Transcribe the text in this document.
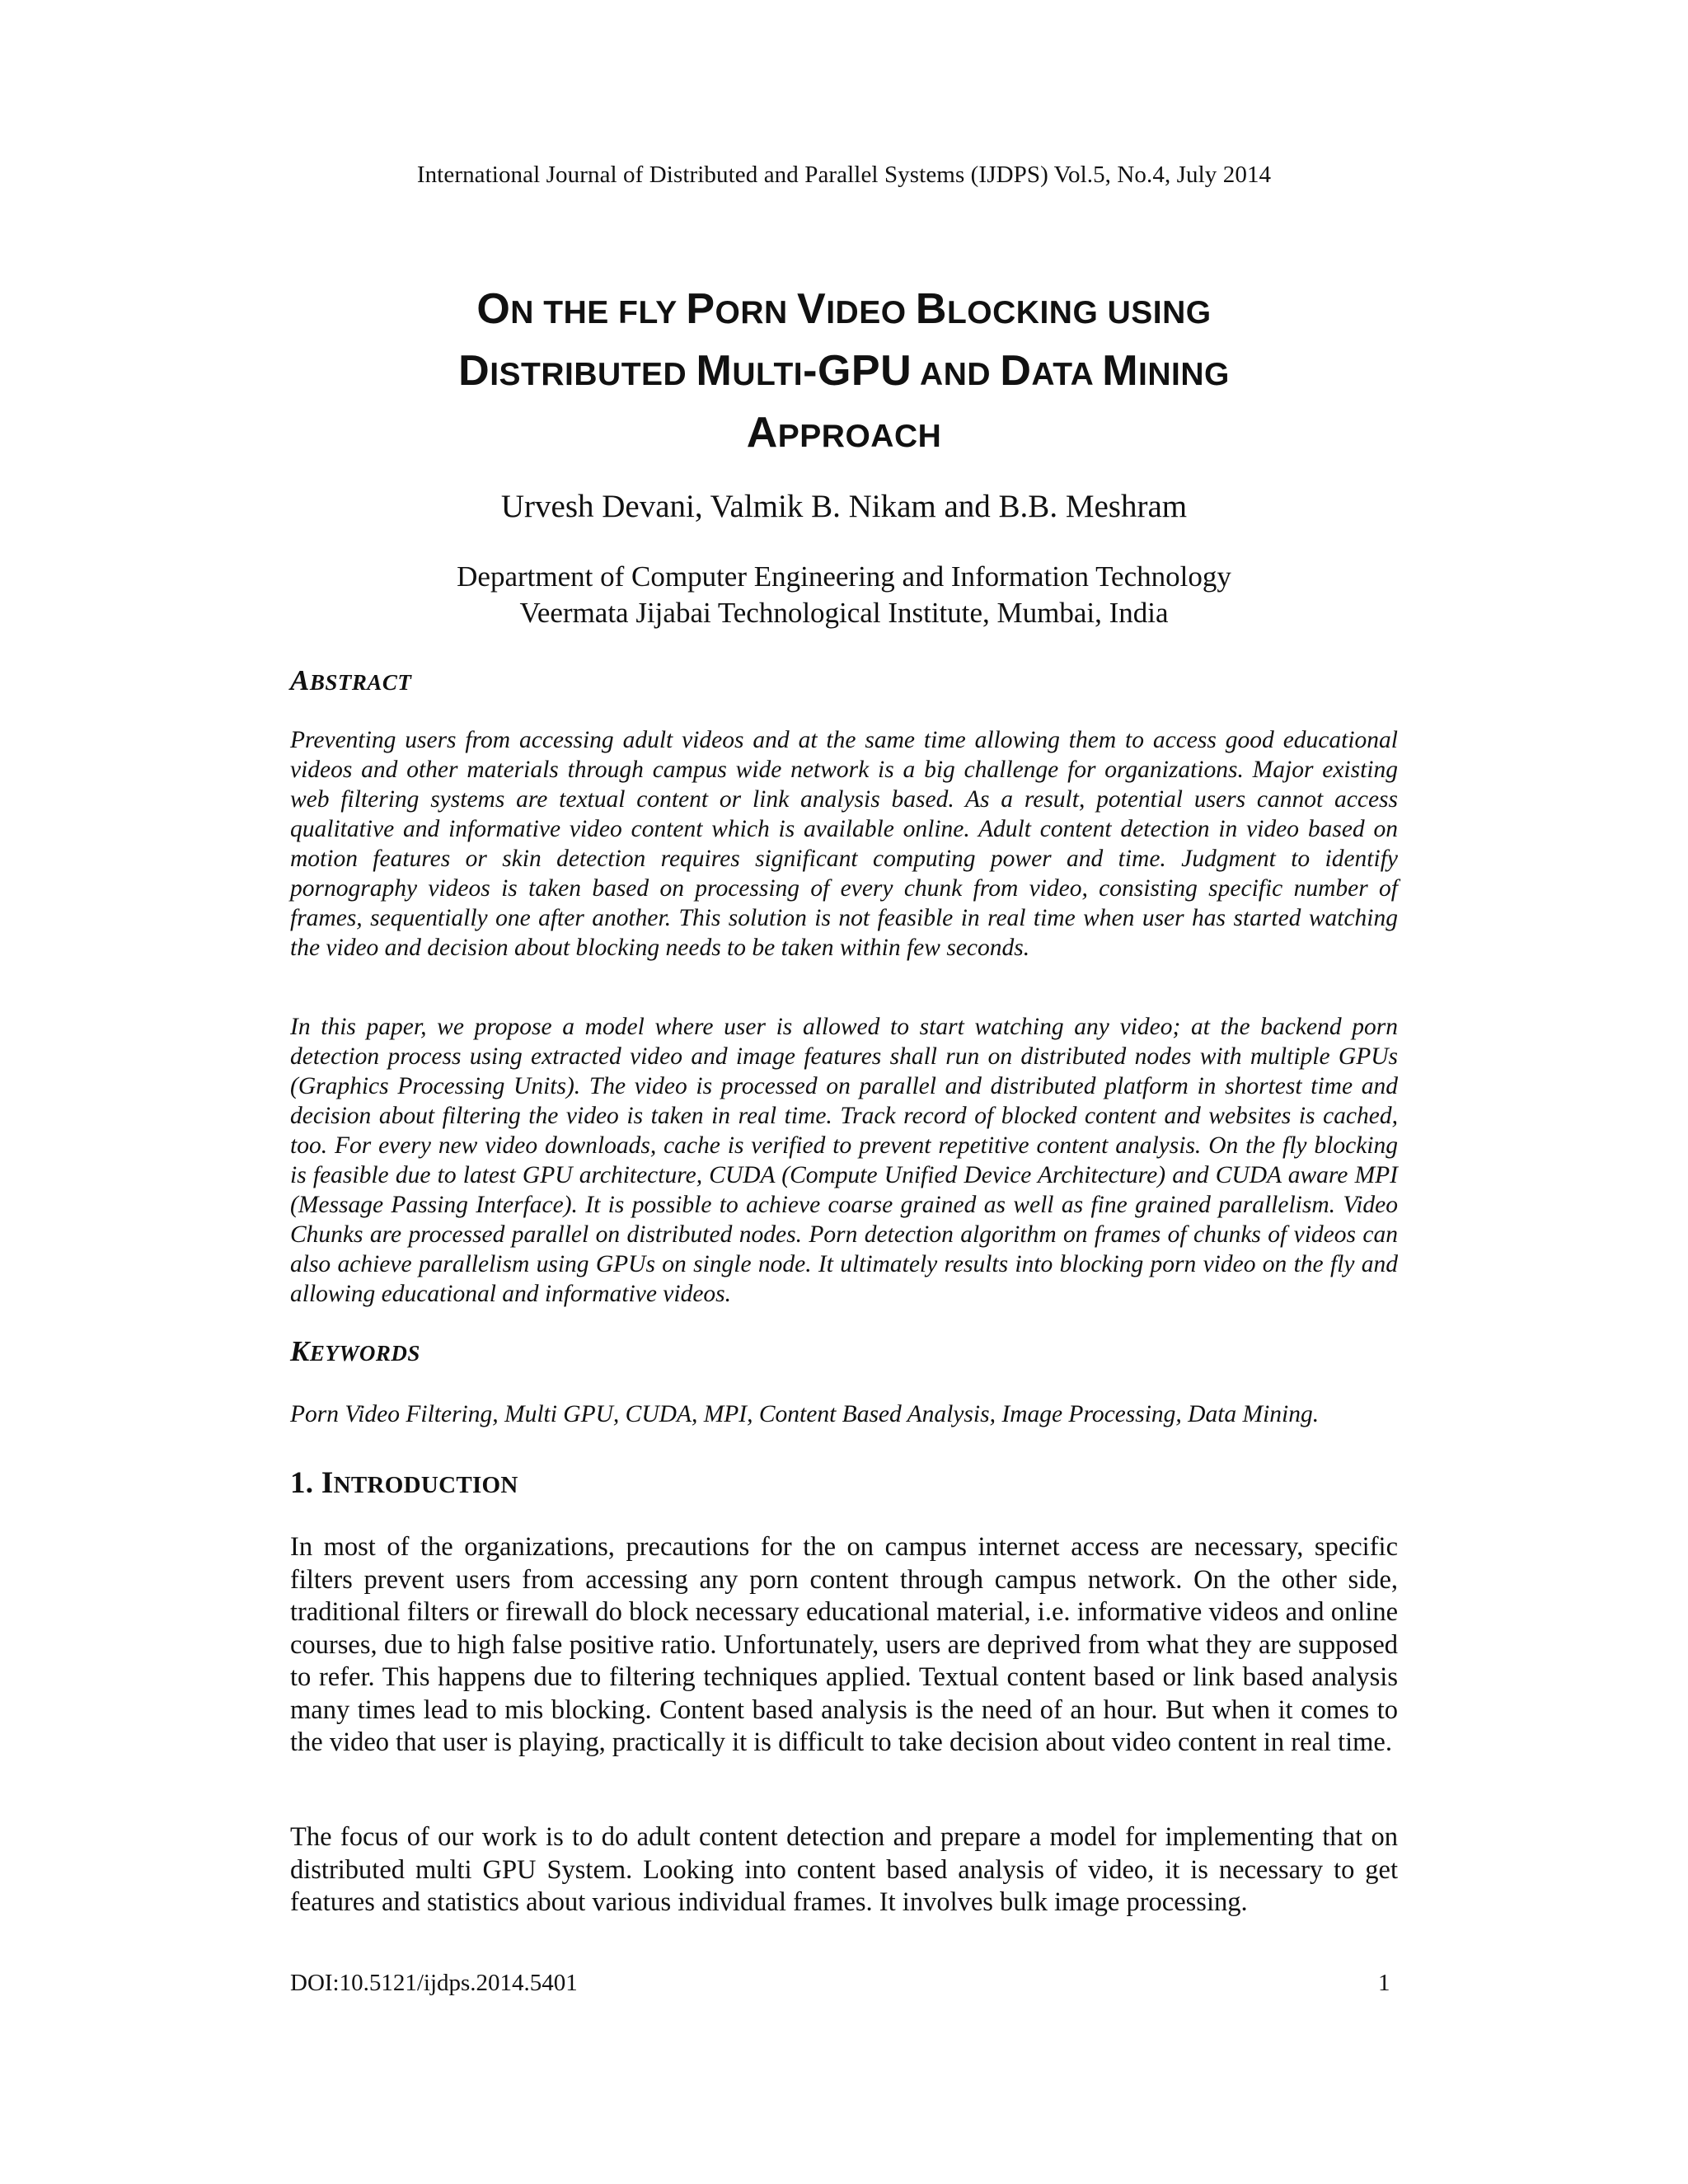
International Journal of Distributed and Parallel Systems (IJDPS) Vol.5, No.4, July 2014
ON THE FLY PORN VIDEO BLOCKING USING
DISTRIBUTED MULTI-GPU AND DATA MINING
APPROACH
Urvesh Devani, Valmik B. Nikam and B.B. Meshram
Department of Computer Engineering and Information Technology
Veermata Jijabai Technological Institute, Mumbai, India
ABSTRACT
Preventing users from accessing adult videos and at the same time allowing them to access good educational videos and other materials through campus wide network is a big challenge for organizations. Major existing web filtering systems are textual content or link analysis based. As a result, potential users cannot access qualitative and informative video content which is available online. Adult content detection in video based on motion features or skin detection requires significant computing power and time. Judgment to identify pornography videos is taken based on processing of every chunk from video, consisting specific number of frames, sequentially one after another. This solution is not feasible in real time when user has started watching the video and decision about blocking needs to be taken within few seconds.
In this paper, we propose a model where user is allowed to start watching any video; at the backend porn detection process using extracted video and image features shall run on distributed nodes with multiple GPUs (Graphics Processing Units). The video is processed on parallel and distributed platform in shortest time and decision about filtering the video is taken in real time. Track record of blocked content and websites is cached, too. For every new video downloads, cache is verified to prevent repetitive content analysis. On the fly blocking is feasible due to latest GPU architecture, CUDA (Compute Unified Device Architecture) and CUDA aware MPI (Message Passing Interface). It is possible to achieve coarse grained as well as fine grained parallelism. Video Chunks are processed parallel on distributed nodes. Porn detection algorithm on frames of chunks of videos can also achieve parallelism using GPUs on single node. It ultimately results into blocking porn video on the fly and allowing educational and informative videos.
KEYWORDS
Porn Video Filtering, Multi GPU, CUDA, MPI, Content Based Analysis, Image Processing, Data Mining.
1. INTRODUCTION
In most of the organizations, precautions for the on campus internet access are necessary, specific filters prevent users from accessing any porn content through campus network. On the other side, traditional filters or firewall do block necessary educational material, i.e. informative videos and online courses, due to high false positive ratio. Unfortunately, users are deprived from what they are supposed to refer. This happens due to filtering techniques applied. Textual content based or link based analysis many times lead to mis blocking. Content based analysis is the need of an hour. But when it comes to the video that user is playing, practically it is difficult to take decision about video content in real time.
The focus of our work is to do adult content detection and prepare a model for implementing that on distributed multi GPU System. Looking into content based analysis of video, it is necessary to get features and statistics about various individual frames. It involves bulk image processing.
DOI:10.5121/ijdps.2014.5401	1
